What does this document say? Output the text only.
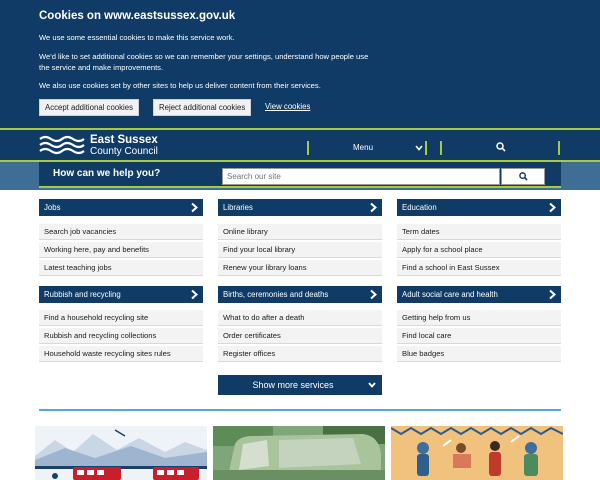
Cookies on www.eastsussex.gov.uk
We use some essential cookies to make this service work.
We'd like to set additional cookies so we can remember your settings, understand how people use the service and make improvements.
We also use cookies set by other sites to help us deliver content from their services.
Accept additional cookies	Reject additional cookies	View cookies
East Sussex
County Council	Menu
How can we help you?
Search our site
Jobs
Search job vacancies
Working here, pay and benefits
Latest teaching jobs
Libraries
Online library
Find your local library
Renew your library loans
Education
Term dates
Apply for a school place
Find a school in East Sussex
Rubbish and recycling
Find a household recycling site
Rubbish and recycling collections
Household waste recycling sites rules
Births, ceremonies and deaths
What to do after a death
Order certificates
Register offices
Adult social care and health
Getting help from us
Find local care
Blue badges
Show more services
